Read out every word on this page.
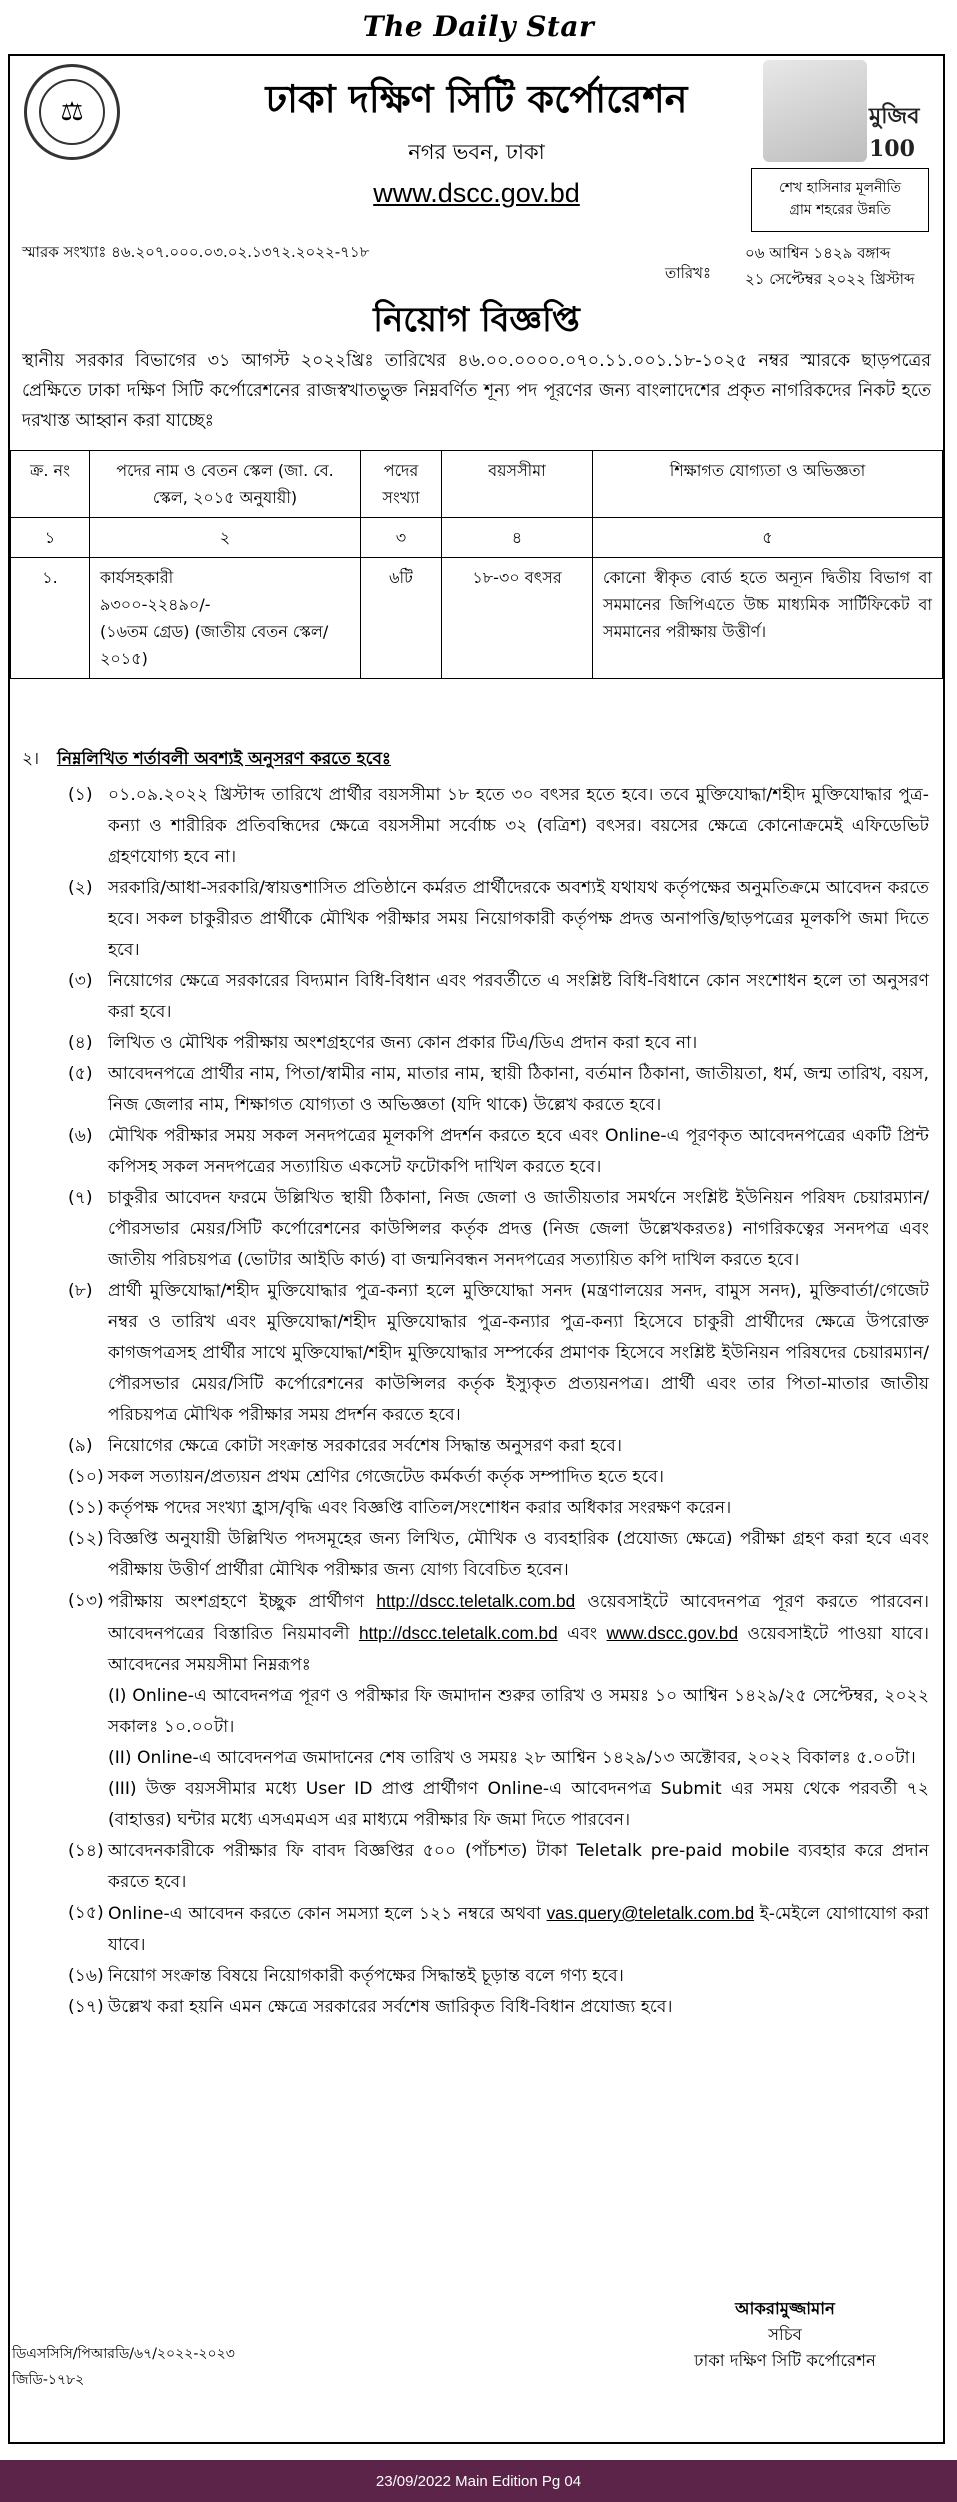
The Daily Star
⚖	ঢাকা দক্ষিণ সিটি কর্পোরেশন
নগর ভবন, ঢাকা
www.dscc.gov.bd
মুজিব 100
শেখ হাসিনার মূলনীতি
গ্রাম শহরের উন্নতি
স্মারক সংখ্যাঃ ৪৬.২০৭.০০০.০৩.০২.১৩৭২.২০২২-৭১৮
তারিখঃ
০৬ আশ্বিন ১৪২৯ বঙ্গাব্দ
২১ সেপ্টেম্বর ২০২২ খ্রিস্টাব্দ
নিয়োগ বিজ্ঞপ্তি
স্থানীয় সরকার বিভাগের ৩১ আগস্ট ২০২২খ্রিঃ তারিখের ৪৬.০০.০০০০.০৭০.১১.০০১.১৮-১০২৫ নম্বর স্মারকে ছাড়পত্রের প্রেক্ষিতে ঢাকা দক্ষিণ সিটি কর্পোরেশনের রাজস্বখাতভুক্ত নিম্নবর্ণিত শূন্য পদ পূরণের জন্য বাংলাদেশের প্রকৃত নাগরিকদের নিকট হতে দরখাস্ত আহ্বান করা যাচ্ছেঃ
ক্র. নং	পদের নাম ও বেতন স্কেল (জা. বে. স্কেল, ২০১৫ অনুযায়ী)	পদের সংখ্যা	বয়সসীমা	শিক্ষাগত যোগ্যতা ও অভিজ্ঞতা
১	২	৩	৪	৫
১.	কার্যসহকারী
৯৩০০-২২৪৯০/-
(১৬তম গ্রেড) (জাতীয় বেতন স্কেল/২০১৫)	৬টি	১৮-৩০ বৎসর	কোনো স্বীকৃত বোর্ড হতে অন্যূন দ্বিতীয় বিভাগ বা সমমানের জিপিএতে উচ্চ মাধ্যমিক সার্টিফিকেট বা সমমানের পরীক্ষায় উত্তীর্ণ।
২। নিম্নলিখিত শর্তাবলী অবশ্যই অনুসরণ করতে হবেঃ
(১) ০১.০৯.২০২২ খ্রিস্টাব্দ তারিখে প্রার্থীর বয়সসীমা ১৮ হতে ৩০ বৎসর হতে হবে। তবে মুক্তিযোদ্ধা/শহীদ মুক্তিযোদ্ধার পুত্র-কন্যা ও শারীরিক প্রতিবন্ধিদের ক্ষেত্রে বয়সসীমা সর্বোচ্চ ৩২ (বত্রিশ) বৎসর। বয়সের ক্ষেত্রে কোনোক্রমেই এফিডেভিট গ্রহণযোগ্য হবে না।
(২) সরকারি/আধা-সরকারি/স্বায়ত্তশাসিত প্রতিষ্ঠানে কর্মরত প্রার্থীদেরকে অবশ্যই যথাযথ কর্তৃপক্ষের অনুমতিক্রমে আবেদন করতে হবে। সকল চাকুরীরত প্রার্থীকে মৌখিক পরীক্ষার সময় নিয়োগকারী কর্তৃপক্ষ প্রদত্ত অনাপত্তি/ছাড়পত্রের মূলকপি জমা দিতে হবে।
(৩) নিয়োগের ক্ষেত্রে সরকারের বিদ্যমান বিধি-বিধান এবং পরবর্তীতে এ সংশ্লিষ্ট বিধি-বিধানে কোন সংশোধন হলে তা অনুসরণ করা হবে।
(৪) লিখিত ও মৌখিক পরীক্ষায় অংশগ্রহণের জন্য কোন প্রকার টিএ/ডিএ প্রদান করা হবে না।
(৫) আবেদনপত্রে প্রার্থীর নাম, পিতা/স্বামীর নাম, মাতার নাম, স্থায়ী ঠিকানা, বর্তমান ঠিকানা, জাতীয়তা, ধর্ম, জন্ম তারিখ, বয়স, নিজ জেলার নাম, শিক্ষাগত যোগ্যতা ও অভিজ্ঞতা (যদি থাকে) উল্লেখ করতে হবে।
(৬) মৌখিক পরীক্ষার সময় সকল সনদপত্রের মূলকপি প্রদর্শন করতে হবে এবং Online-এ পূরণকৃত আবেদনপত্রের একটি প্রিন্ট কপিসহ সকল সনদপত্রের সত্যায়িত একসেট ফটোকপি দাখিল করতে হবে।
(৭) চাকুরীর আবেদন ফরমে উল্লিখিত স্থায়ী ঠিকানা, নিজ জেলা ও জাতীয়তার সমর্থনে সংশ্লিষ্ট ইউনিয়ন পরিষদ চেয়ারম্যান/পৌরসভার মেয়র/সিটি কর্পোরেশনের কাউন্সিলর কর্তৃক প্রদত্ত (নিজ জেলা উল্লেখকরতঃ) নাগরিকত্বের সনদপত্র এবং জাতীয় পরিচয়পত্র (ভোটার আইডি কার্ড) বা জন্মনিবন্ধন সনদপত্রের সত্যায়িত কপি দাখিল করতে হবে।
(৮) প্রার্থী মুক্তিযোদ্ধা/শহীদ মুক্তিযোদ্ধার পুত্র-কন্যা হলে মুক্তিযোদ্ধা সনদ (মন্ত্রণালয়ের সনদ, বামুস সনদ), মুক্তিবার্তা/গেজেট নম্বর ও তারিখ এবং মুক্তিযোদ্ধা/শহীদ মুক্তিযোদ্ধার পুত্র-কন্যার পুত্র-কন্যা হিসেবে চাকুরী প্রার্থীদের ক্ষেত্রে উপরোক্ত কাগজপত্রসহ প্রার্থীর সাথে মুক্তিযোদ্ধা/শহীদ মুক্তিযোদ্ধার সম্পর্কের প্রমাণক হিসেবে সংশ্লিষ্ট ইউনিয়ন পরিষদের চেয়ারম্যান/পৌরসভার মেয়র/সিটি কর্পোরেশনের কাউন্সিলর কর্তৃক ইস্যুকৃত প্রত্যয়নপত্র। প্রার্থী এবং তার পিতা-মাতার জাতীয় পরিচয়পত্র মৌখিক পরীক্ষার সময় প্রদর্শন করতে হবে।
(৯) নিয়োগের ক্ষেত্রে কোটা সংক্রান্ত সরকারের সর্বশেষ সিদ্ধান্ত অনুসরণ করা হবে।
(১০) সকল সত্যায়ন/প্রত্যয়ন প্রথম শ্রেণির গেজেটেড কর্মকর্তা কর্তৃক সম্পাদিত হতে হবে।
(১১) কর্তৃপক্ষ পদের সংখ্যা হ্রাস/বৃদ্ধি এবং বিজ্ঞপ্তি বাতিল/সংশোধন করার অধিকার সংরক্ষণ করেন।
(১২) বিজ্ঞপ্তি অনুযায়ী উল্লিখিত পদসমূহের জন্য লিখিত, মৌখিক ও ব্যবহারিক (প্রযোজ্য ক্ষেত্রে) পরীক্ষা গ্রহণ করা হবে এবং পরীক্ষায় উত্তীর্ণ প্রার্থীরা মৌখিক পরীক্ষার জন্য যোগ্য বিবেচিত হবেন।
(১৩) পরীক্ষায় অংশগ্রহণে ইচ্ছুক প্রার্থীগণ http://dscc.teletalk.com.bd ওয়েবসাইটে আবেদনপত্র পূরণ করতে পারবেন। আবেদনপত্রের বিস্তারিত নিয়মাবলী http://dscc.teletalk.com.bd এবং www.dscc.gov.bd ওয়েবসাইটে পাওয়া যাবে। আবেদনের সময়সীমা নিম্নরূপঃ
(I) Online-এ আবেদনপত্র পূরণ ও পরীক্ষার ফি জমাদান শুরুর তারিখ ও সময়ঃ ১০ আশ্বিন ১৪২৯/২৫ সেপ্টেম্বর, ২০২২ সকালঃ ১০.০০টা।
(II) Online-এ আবেদনপত্র জমাদানের শেষ তারিখ ও সময়ঃ ২৮ আশ্বিন ১৪২৯/১৩ অক্টোবর, ২০২২ বিকালঃ ৫.০০টা।
(III) উক্ত বয়সসীমার মধ্যে User ID প্রাপ্ত প্রার্থীগণ Online-এ আবেদনপত্র Submit এর সময় থেকে পরবর্তী ৭২ (বাহাত্তর) ঘন্টার মধ্যে এসএমএস এর মাধ্যমে পরীক্ষার ফি জমা দিতে পারবেন।
(১৪) আবেদনকারীকে পরীক্ষার ফি বাবদ বিজ্ঞপ্তির ৫০০ (পাঁচশত) টাকা Teletalk pre-paid mobile ব্যবহার করে প্রদান করতে হবে।
(১৫) Online-এ আবেদন করতে কোন সমস্যা হলে ১২১ নম্বরে অথবা vas.query@teletalk.com.bd ই-মেইলে যোগাযোগ করা যাবে।
(১৬) নিয়োগ সংক্রান্ত বিষয়ে নিয়োগকারী কর্তৃপক্ষের সিদ্ধান্তই চূড়ান্ত বলে গণ্য হবে।
(১৭) উল্লেখ করা হয়নি এমন ক্ষেত্রে সরকারের সর্বশেষ জারিকৃত বিধি-বিধান প্রযোজ্য হবে।
আকরামুজ্জামান
সচিব
ঢাকা দক্ষিণ সিটি কর্পোরেশন
ডিএসসিসি/পিআরডি/৬৭/২০২২-২০২৩
জিডি-১৭৮২
23/09/2022 Main Edition Pg 04
